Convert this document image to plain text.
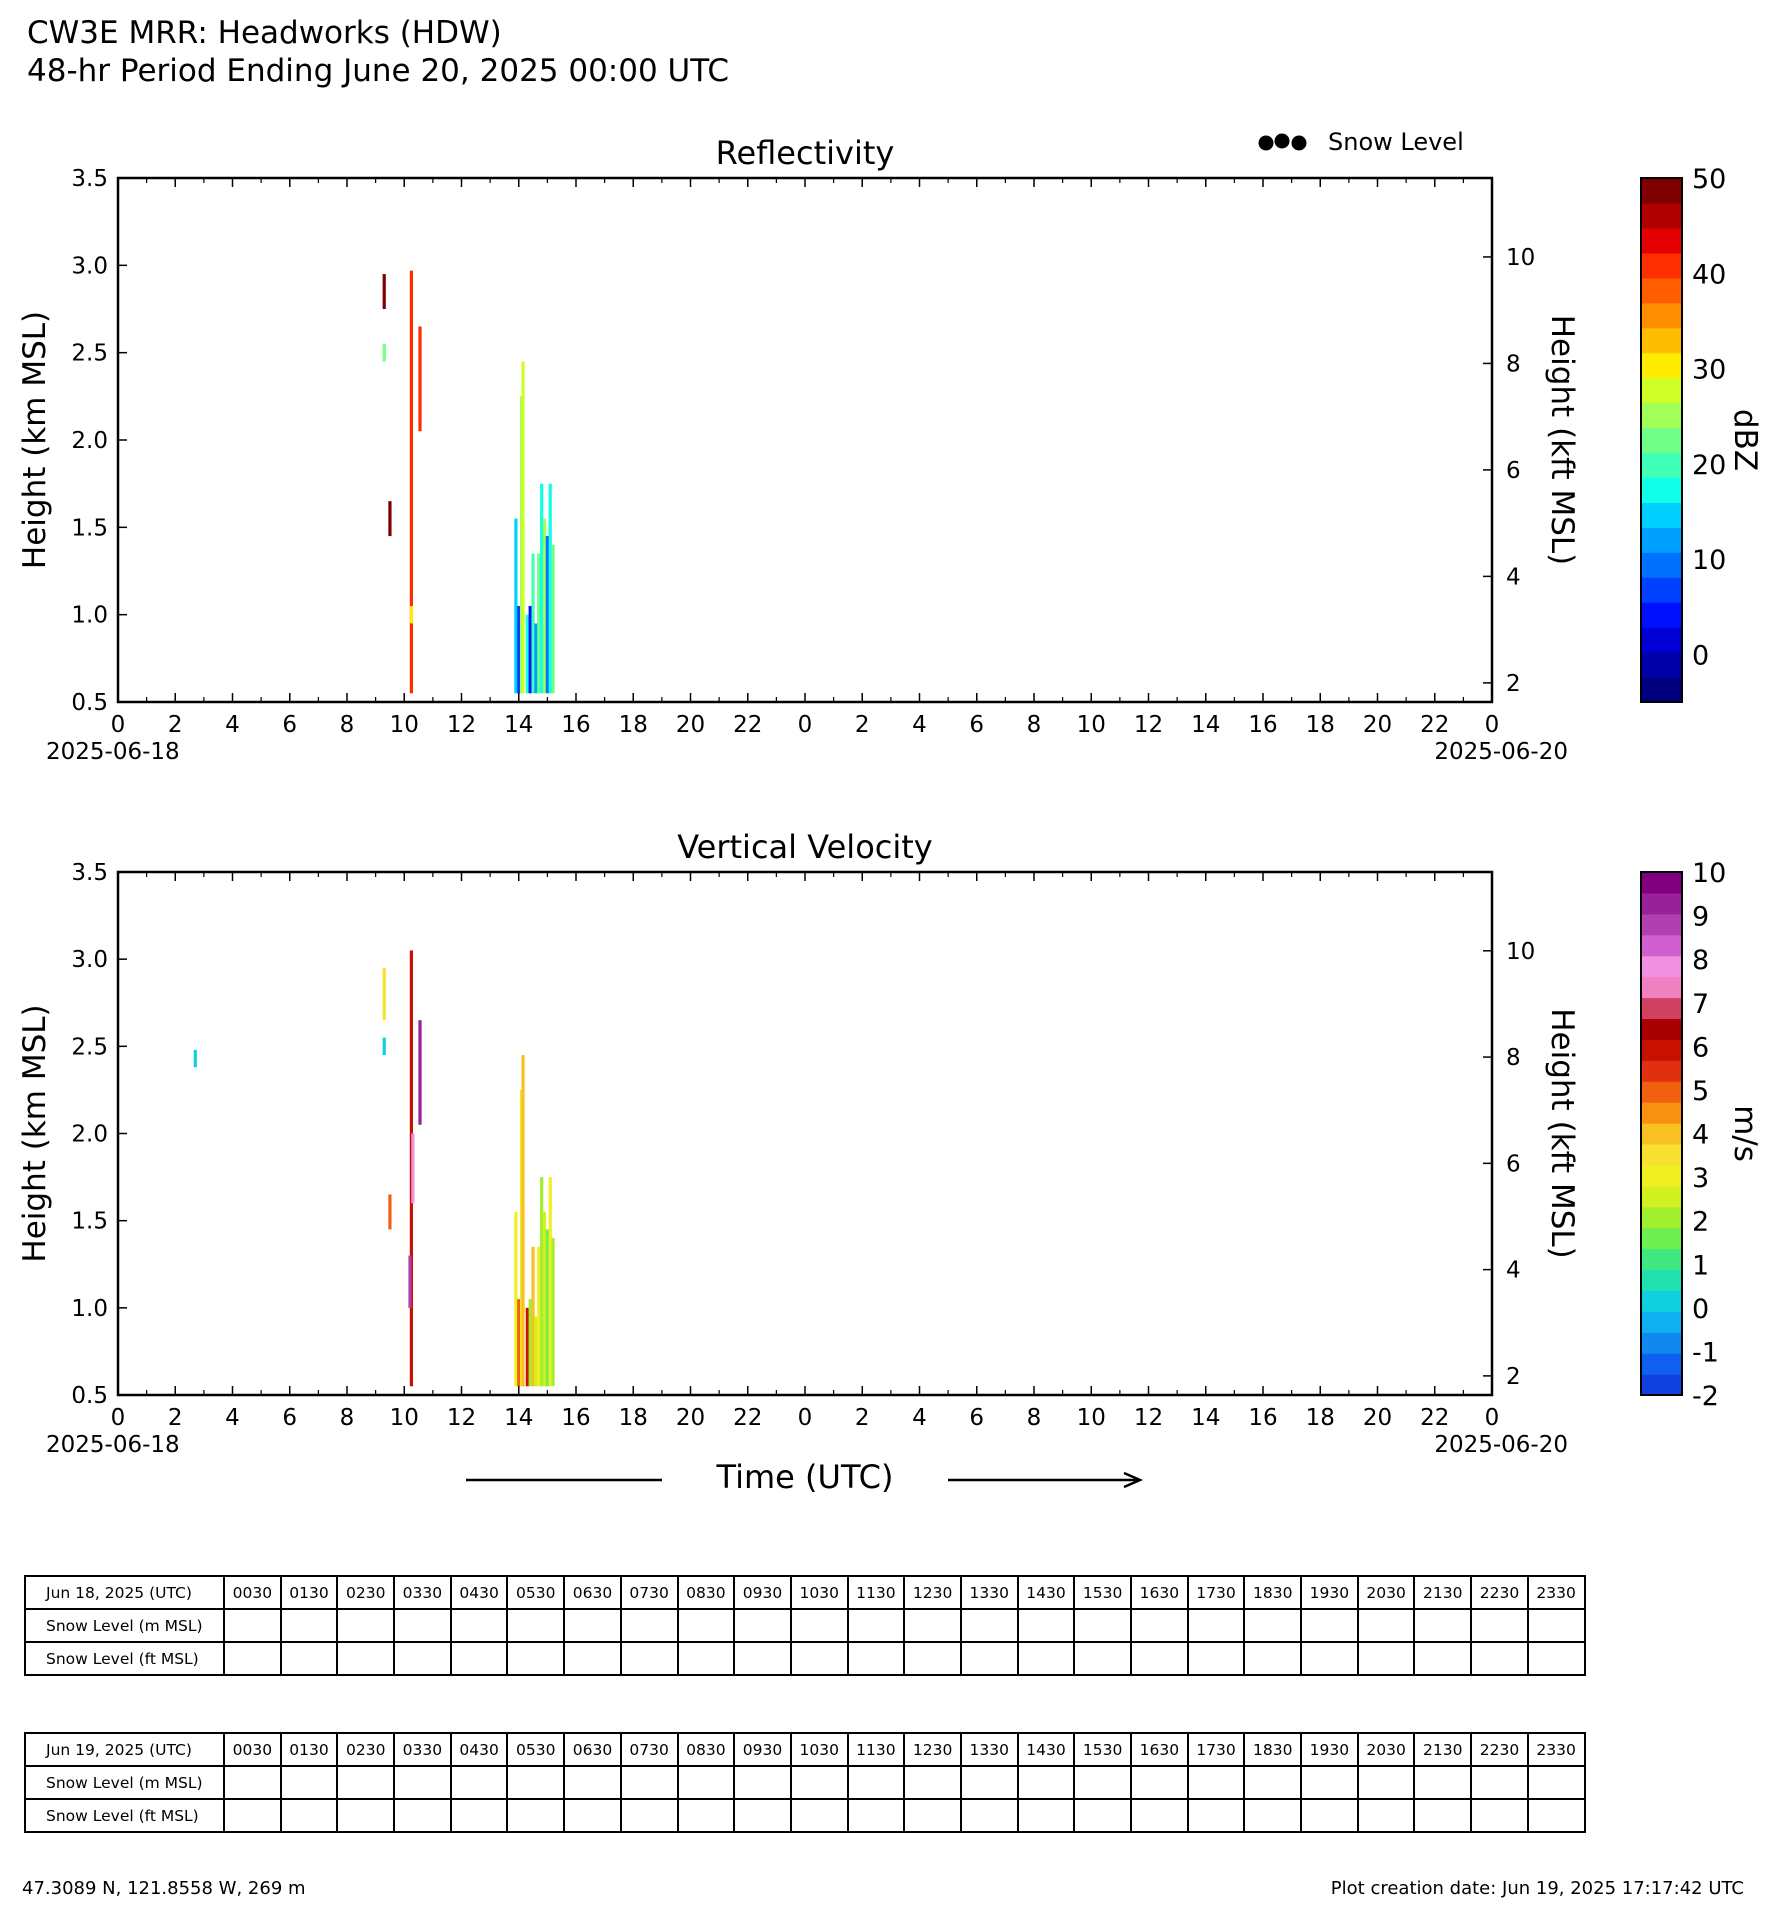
CW3E MRR: Headworks (HDW)
48-hr Period Ending June 20, 2025 00:00 UTC
Reflectivity
0 2 4 6 8 10 12 14 16 18 20 22 0 2 4 6 8 10 12 14 16 18 20 22 0
2025-06-18	2025-06-20
0.5
1.0
1.5
2.0
2.5
3.0
3.5
Height (km MSL)
2
4
6
8
10
Height (kft MSL)
0
10
20
30
40
50
dBZ
Vertical Velocity
0 2 4 6 8 10 12 14 16 18 20 22 0 2 4 6 8 10 12 14 16 18 20 22 0
2025-06-18	2025-06-20
0.5
1.0
1.5
2.0
2.5
3.0
3.5
Height (km MSL)
2
4
6
8
10
Height (kft MSL)
10
9
8
7
6
5
4
3
2
1
0
-1
-2
m/s
Snow Level
Time (UTC)
Jun 18, 2025 (UTC)	0030	0130	0230	0330	0430	0530	0630	0730	0830	0930	1030	1130	1230	1330	1430	1530	1630	1730	1830	1930	2030	2130	2230	2330
Snow Level (m MSL)																								
Snow Level (ft MSL)																								
Jun 19, 2025 (UTC)	0030	0130	0230	0330	0430	0530	0630	0730	0830	0930	1030	1130	1230	1330	1430	1530	1630	1730	1830	1930	2030	2130	2230	2330
Snow Level (m MSL)																								
Snow Level (ft MSL)																								
47.3089 N, 121.8558 W, 269 m	Plot creation date: Jun 19, 2025 17:17:42 UTC
